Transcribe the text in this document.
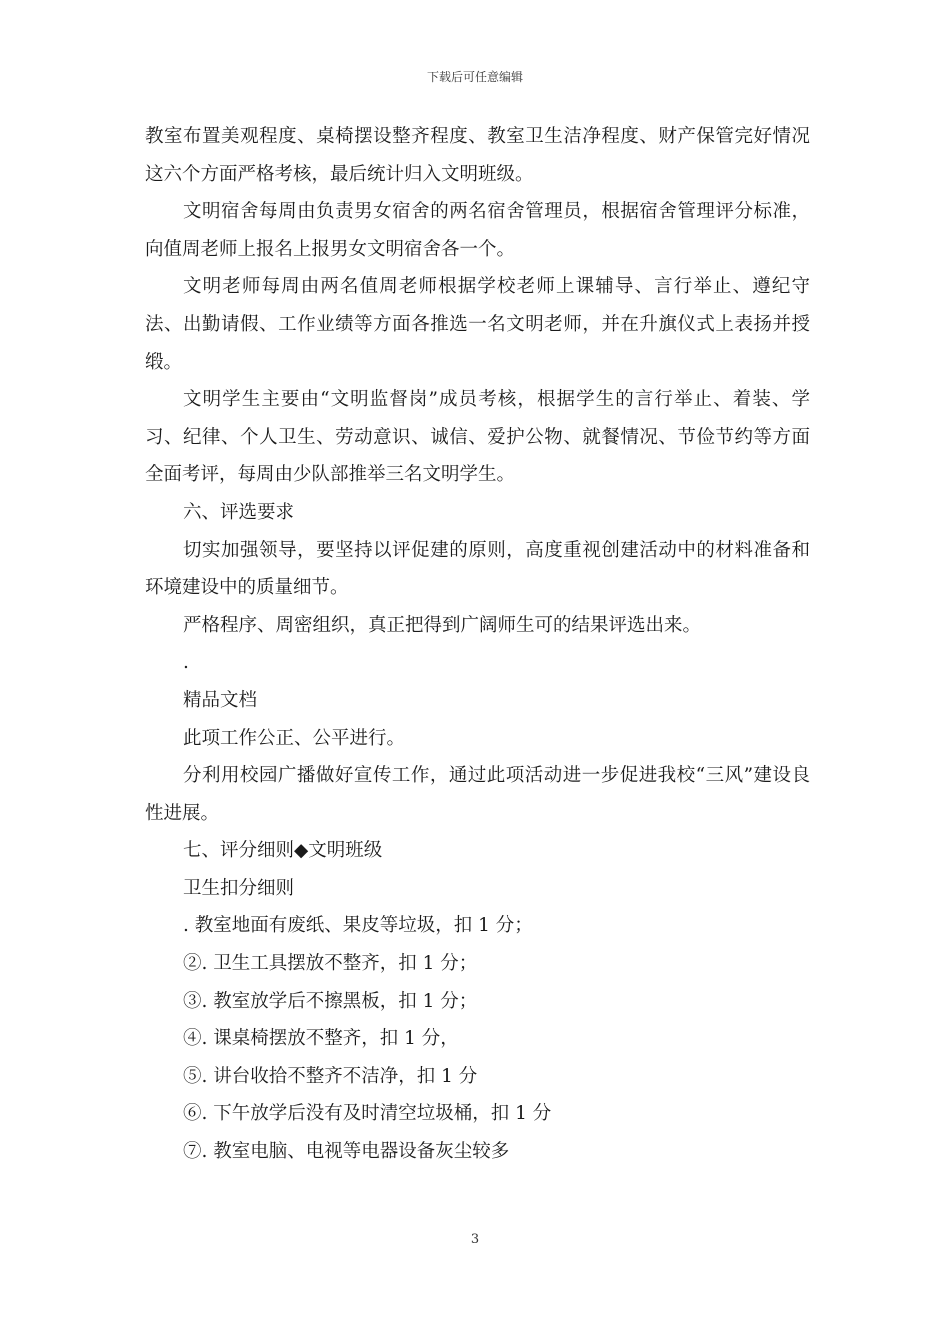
下载后可任意编辑

教室布置美观程度、桌椅摆设整齐程度、教室卫生洁净程度、财产保管完好情况这六个方面严格考核，最后统计归入文明班级。

文明宿舍每周由负责男女宿舍的两名宿舍管理员，根据宿舍管理评分标准，向值周老师上报名上报男女文明宿舍各一个。

文明老师每周由两名值周老师根据学校老师上课辅导、言行举止、遵纪守法、出勤请假、工作业绩等方面各推选一名文明老师，并在升旗仪式上表扬并授缎。

文明学生主要由“文明监督岗”成员考核，根据学生的言行举止、着装、学习、纪律、个人卫生、劳动意识、诚信、爱护公物、就餐情况、节俭节约等方面全面考评，每周由少队部推举三名文明学生。

六、评选要求

切实加强领导，要坚持以评促建的原则，高度重视创建活动中的材料准备和环境建设中的质量细节。

严格程序、周密组织，真正把得到广阔师生可的结果评选出来。

.

精品文档

此项工作公正、公平进行。

分利用校园广播做好宣传工作，通过此项活动进一步促进我校“三风”建设良性进展。

七、评分细则◆文明班级

卫生扣分细则

. 教室地面有废纸、果皮等垃圾，扣 1 分；

②. 卫生工具摆放不整齐，扣 1 分；

③. 教室放学后不擦黑板，扣 1 分；

④. 课桌椅摆放不整齐，扣 1 分，

⑤. 讲台收拾不整齐不洁净，扣 1 分

⑥. 下午放学后没有及时清空垃圾桶，扣 1 分

⑦. 教室电脑、电视等电器设备灰尘较多

3
